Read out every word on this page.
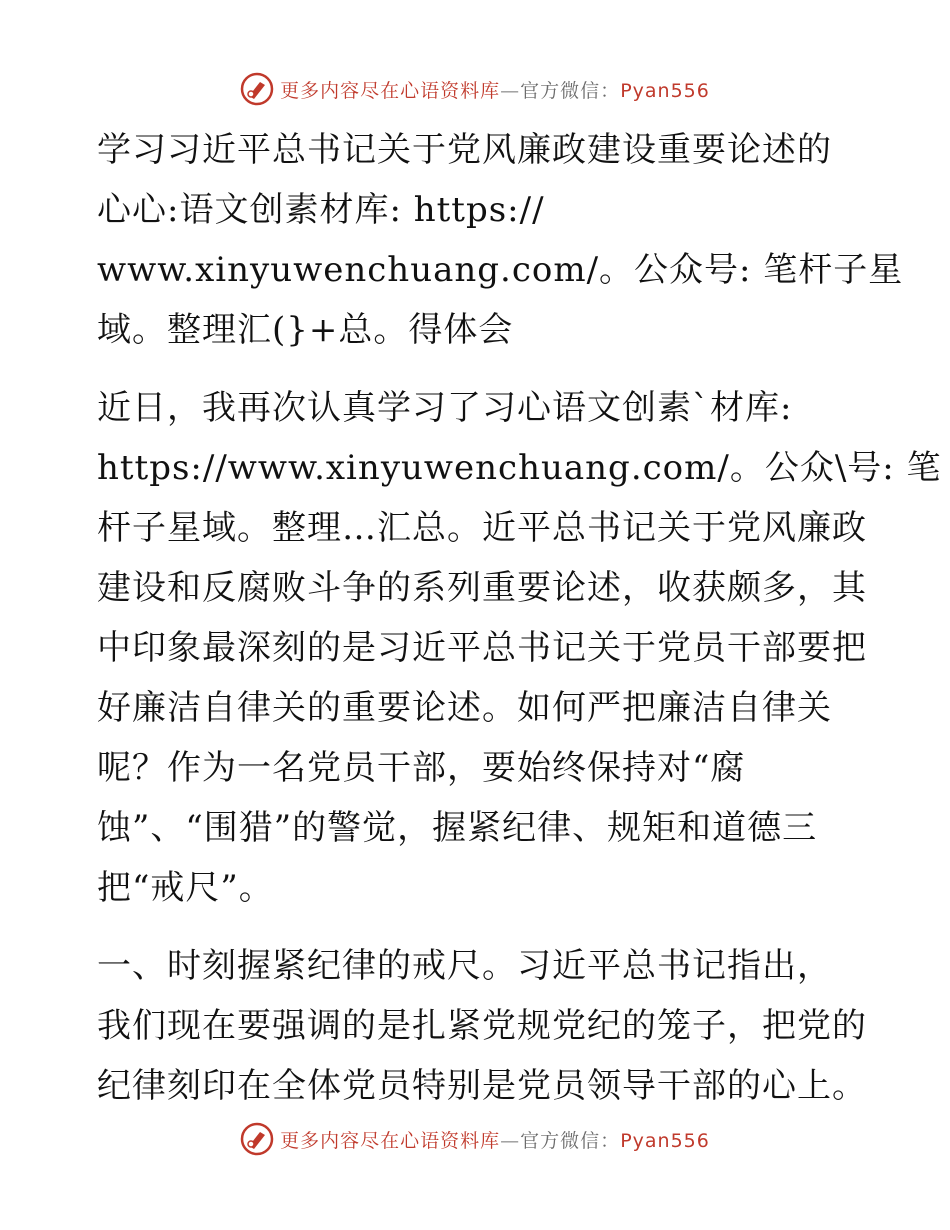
更多内容尽在心语资料库—官方微信：Pyan556
学习习近平总书记关于党风廉政建设重要论述的
心心:语文创素材库: https://
www.xinyuwenchuang.com/。公众号: 笔杆子星
域。整理汇(}+总。得体会
近日，我再次认真学习了习心语文创素`材库:
https://www.xinyuwenchuang.com/。公众\号: 笔
杆子星域。整理…汇总。近平总书记关于党风廉政
建设和反腐败斗争的系列重要论述，收获颇多，其
中印象最深刻的是习近平总书记关于党员干部要把
好廉洁自律关的重要论述。如何严把廉洁自律关
呢？作为一名党员干部，要始终保持对“腐
蚀”、“围猎”的警觉，握紧纪律、规矩和道德三
把“戒尺”。
一、时刻握紧纪律的戒尺。习近平总书记指出，
我们现在要强调的是扎紧党规党纪的笼子，把党的
纪律刻印在全体党员特别是党员领导干部的心上。
更多内容尽在心语资料库—官方微信：Pyan556
